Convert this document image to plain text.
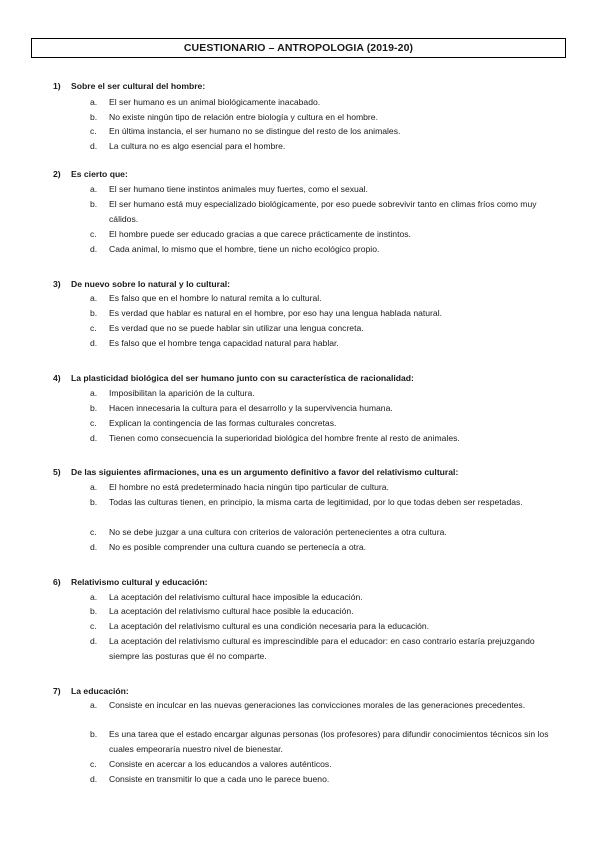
CUESTIONARIO – ANTROPOLOGIA (2019-20)
1) Sobre el ser cultural del hombre:
a.	El ser humano es un animal biológicamente inacabado.
b.	No existe ningún tipo de relación entre biología y cultura en el hombre.
c.	En última instancia, el ser humano no se distingue del resto de los animales.
d.	La cultura no es algo esencial para el hombre.
2) Es cierto que:
a.	El ser humano tiene instintos animales muy fuertes, como el sexual.
b.	El ser humano está muy especializado biológicamente, por eso puede sobrevivir tanto en climas fríos como muy cálidos.
c.	El hombre puede ser educado gracias a que carece prácticamente de instintos.
d.	Cada animal, lo mismo que el hombre, tiene un nicho ecológico propio.
3) De nuevo sobre lo natural y lo cultural:
a.	Es falso que en el hombre lo natural remita a lo cultural.
b.	Es verdad que hablar es natural en el hombre, por eso hay una lengua hablada natural.
c.	Es verdad que no se puede hablar sin utilizar una lengua concreta.
d.	Es falso que el hombre tenga capacidad natural para hablar.
4) La plasticidad biológica del ser humano junto con su característica de racionalidad:
a.	Imposibilitan la aparición de la cultura.
b.	Hacen innecesaria la cultura para el desarrollo y la supervivencia humana.
c.	Explican la contingencia de las formas culturales concretas.
d.	Tienen como consecuencia la superioridad biológica del hombre frente al resto de animales.
5) De las siguientes afirmaciones, una es un argumento definitivo a favor del relativismo cultural:
a.	El hombre no está predeterminado hacia ningún tipo particular de cultura.
b.	Todas las culturas tienen, en principio, la misma carta de legitimidad, por lo que todas deben ser respetadas.
c.	No se debe juzgar a una cultura con criterios de valoración pertenecientes a otra cultura.
d.	No es posible comprender una cultura cuando se pertenecía a otra.
6) Relativismo cultural y educación:
a.	La aceptación del relativismo cultural hace imposible la educación.
b.	La aceptación del relativismo cultural hace posible la educación.
c.	La aceptación del relativismo cultural es una condición necesaria para la educación.
d.	La aceptación del relativismo cultural es imprescindible para el educador: en caso contrario estaría prejuzgando siempre las posturas que él no comparte.
7) La educación:
a.	Consiste en inculcar en las nuevas generaciones las convicciones morales de las generaciones precedentes.
b.	Es una tarea que el estado encargar algunas personas (los profesores) para difundir conocimientos técnicos sin los cuales empeoraría nuestro nivel de bienestar.
c.	Consiste en acercar a los educandos a valores auténticos.
d.	Consiste en transmitir lo que a cada uno le parece bueno.
